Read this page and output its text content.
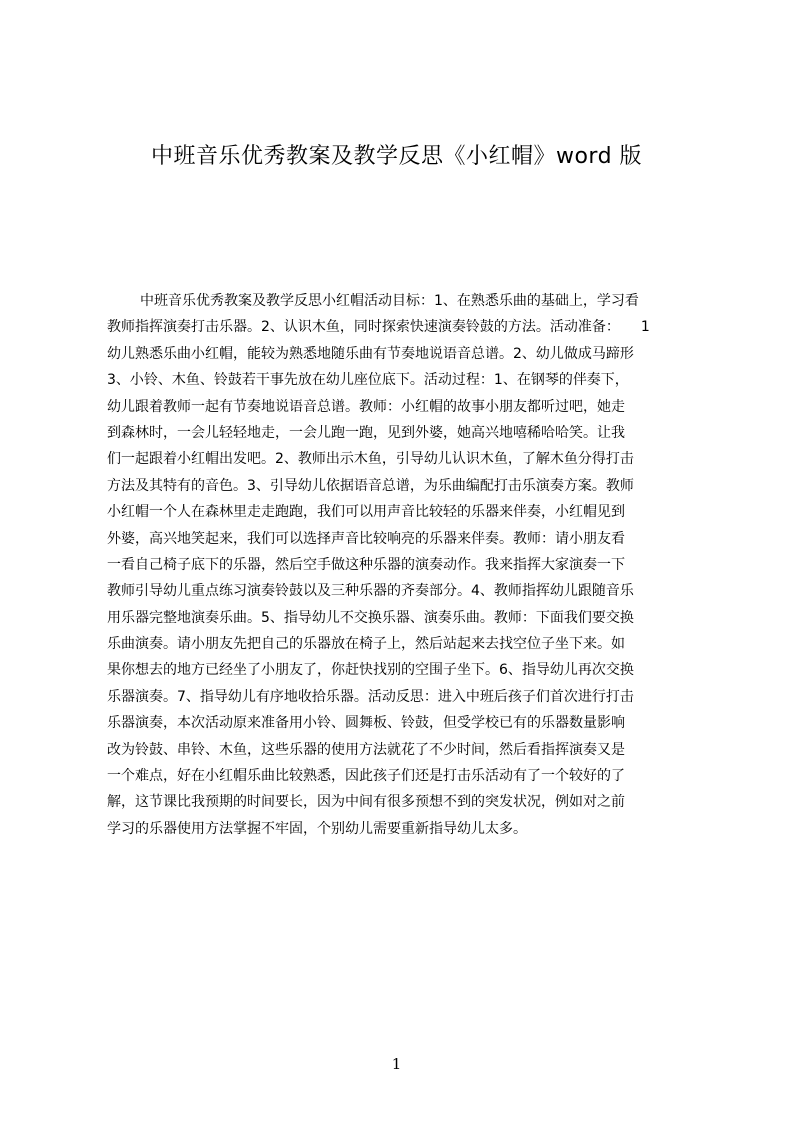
中班音乐优秀教案及教学反思《小红帽》word 版
中班音乐优秀教案及教学反思小红帽活动目标：1、在熟悉乐曲的基础上，学习看
教师指挥演奏打击乐器。2、认识木鱼，同时探索快速演奏铃鼓的方法。活动准备：　　1
幼儿熟悉乐曲小红帽，能较为熟悉地随乐曲有节奏地说语音总谱。2、幼儿做成马蹄形
3、小铃、木鱼、铃鼓若干事先放在幼儿座位底下。活动过程：1、在钢琴的伴奏下，
幼儿跟着教师一起有节奏地说语音总谱。教师：小红帽的故事小朋友都听过吧，她走
到森林时，一会儿轻轻地走，一会儿跑一跑，见到外婆，她高兴地嘻稀哈哈笑。让我
们一起跟着小红帽出发吧。2、教师出示木鱼，引导幼儿认识木鱼，了解木鱼分得打击
方法及其特有的音色。3、引导幼儿依据语音总谱，为乐曲编配打击乐演奏方案。教师
小红帽一个人在森林里走走跑跑，我们可以用声音比较轻的乐器来伴奏，小红帽见到
外婆，高兴地笑起来，我们可以选择声音比较响亮的乐器来伴奏。教师：请小朋友看
一看自己椅子底下的乐器，然后空手做这种乐器的演奏动作。我来指挥大家演奏一下
教师引导幼儿重点练习演奏铃鼓以及三种乐器的齐奏部分。4、教师指挥幼儿跟随音乐
用乐器完整地演奏乐曲。5、指导幼儿不交换乐器、演奏乐曲。教师：下面我们要交换
乐曲演奏。请小朋友先把自己的乐器放在椅子上，然后站起来去找空位子坐下来。如
果你想去的地方已经坐了小朋友了，你赶快找别的空围子坐下。6、指导幼儿再次交换
乐器演奏。7、指导幼儿有序地收拾乐器。活动反思：进入中班后孩子们首次进行打击
乐器演奏，本次活动原来准备用小铃、圆舞板、铃鼓，但受学校已有的乐器数量影响
改为铃鼓、串铃、木鱼，这些乐器的使用方法就花了不少时间，然后看指挥演奏又是
一个难点，好在小红帽乐曲比较熟悉，因此孩子们还是打击乐活动有了一个较好的了
解，这节课比我预期的时间要长，因为中间有很多预想不到的突发状况，例如对之前
学习的乐器使用方法掌握不牢固，个别幼儿需要重新指导幼儿太多。
1
